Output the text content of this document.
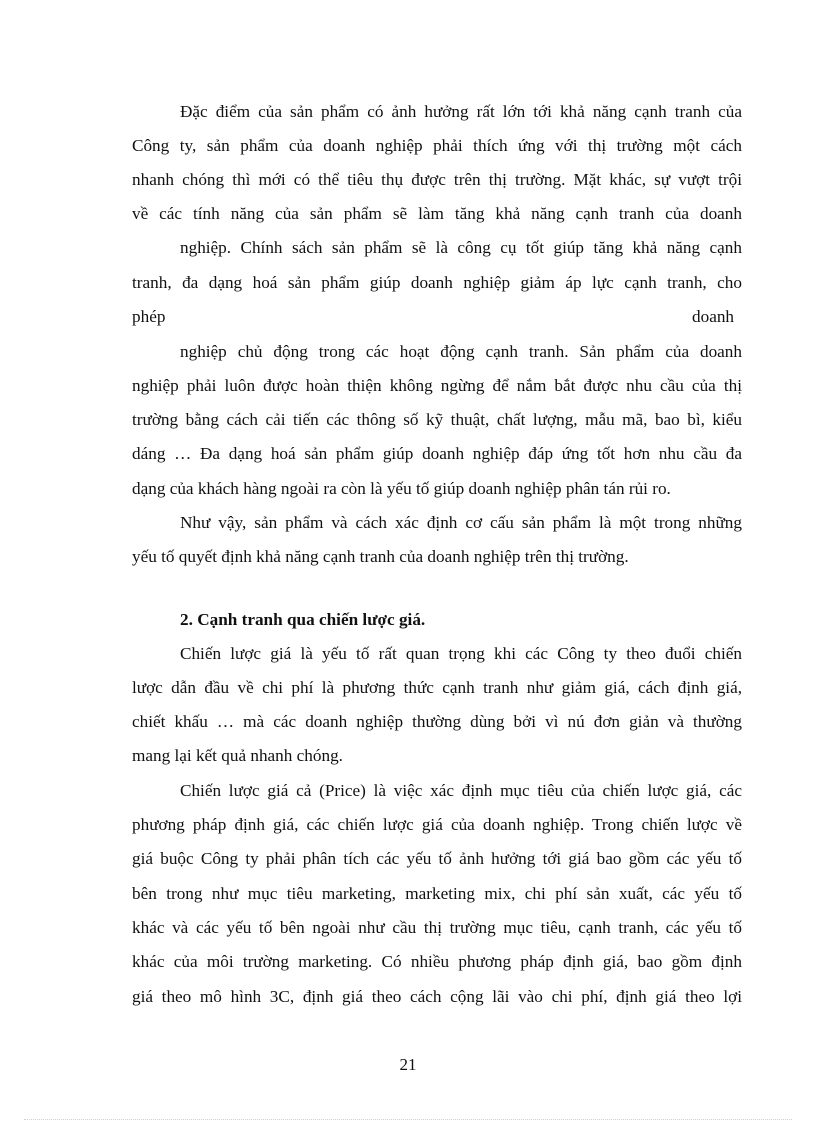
Đặc điểm của sản phẩm có ảnh hưởng rất lớn tới khả năng cạnh tranh của
Công ty, sản phẩm của doanh nghiệp phải thích ứng với thị trường một cách
nhanh chóng thì mới có thể tiêu thụ được trên thị trường. Mặt khác, sự vượt trội
về các tính năng của sản phẩm sẽ làm tăng khả năng cạnh tranh của doanh
nghiệp. Chính sách sản phẩm sẽ là công cụ tốt giúp tăng khả năng cạnh
tranh, đa dạng hoá sản phẩm giúp doanh nghiệp giảm áp lực cạnh tranh, cho
phép	doanh
nghiệp chủ động trong các hoạt động cạnh tranh. Sản phẩm của doanh
nghiệp phải luôn được hoàn thiện không ngừng để nắm bắt được nhu cầu của thị
trường bằng cách cải tiến các thông số kỹ thuật, chất lượng, mẫu mã, bao bì, kiểu
dáng … Đa dạng hoá sản phẩm giúp doanh nghiệp đáp ứng tốt hơn nhu cầu đa
dạng của khách hàng ngoài ra còn là yếu tố giúp doanh nghiệp phân tán rủi ro.
Như vậy, sản phẩm và cách xác định cơ cấu sản phẩm là một trong những
yếu tố quyết định khả năng cạnh tranh của doanh nghiệp trên thị trường.
2. Cạnh tranh qua chiến lược giá.
Chiến lược giá là yếu tố rất quan trọng khi các Công ty theo đuổi chiến
lược dẫn đầu về chi phí là phương thức cạnh tranh như giảm giá, cách định giá,
chiết khấu … mà các doanh nghiệp thường dùng bởi vì nú đơn giản và thường
mang lại kết quả nhanh chóng.
Chiến lược giá cả (Price) là việc xác định mục tiêu của chiến lược giá, các
phương pháp định giá, các chiến lược giá của doanh nghiệp. Trong chiến lược về
giá buộc Công ty phải phân tích các yếu tố ảnh hưởng tới giá bao gồm các yếu tố
bên trong như mục tiêu marketing, marketing mix, chi phí sản xuất, các yếu tố
khác và các yếu tố bên ngoài như cầu thị trường mục tiêu, cạnh tranh, các yếu tố
khác của môi trường marketing. Có nhiều phương pháp định giá, bao gồm định
giá theo mô hình 3C, định giá theo cách cộng lãi vào chi phí, định giá theo lợi
21
